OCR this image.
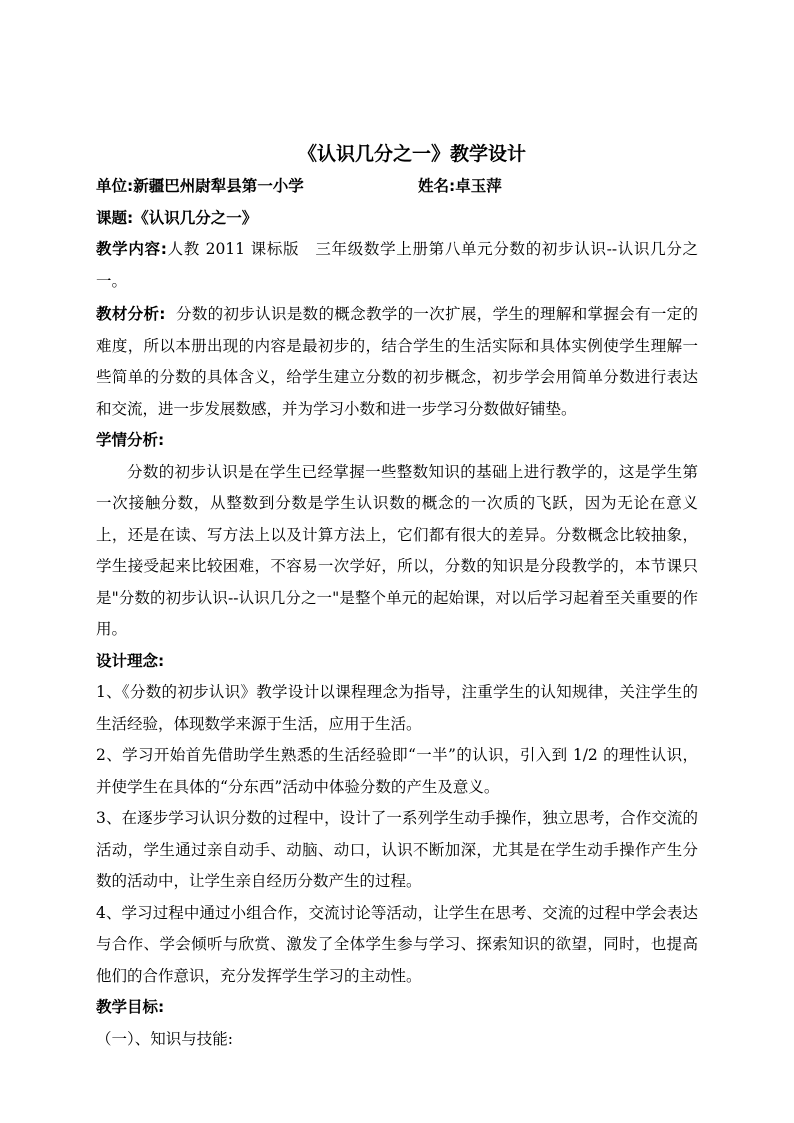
《认识几分之一》教学设计
单位:新疆巴州尉犁县第一小学	姓名:卓玉萍
课题:《认识几分之一》

教学内容:人教 2011 课标版　三年级数学上册第八单元分数的初步认识--认识几分之一。

教材分析: 分数的初步认识是数的概念教学的一次扩展，学生的理解和掌握会有一定的难度，所以本册出现的内容是最初步的，结合学生的生活实际和具体实例使学生理解一些简单的分数的具体含义，给学生建立分数的初步概念，初步学会用简单分数进行表达和交流，进一步发展数感，并为学习小数和进一步学习分数做好铺垫。

学情分析:

分数的初步认识是在学生已经掌握一些整数知识的基础上进行教学的，这是学生第一次接触分数，从整数到分数是学生认识数的概念的一次质的飞跃，因为无论在意义上，还是在读、写方法上以及计算方法上，它们都有很大的差异。分数概念比较抽象，学生接受起来比较困难，不容易一次学好，所以，分数的知识是分段教学的，本节课只是"分数的初步认识--认识几分之一"是整个单元的起始课，对以后学习起着至关重要的作用。

设计理念:

1、《分数的初步认识》教学设计以课程理念为指导，注重学生的认知规律，关注学生的生活经验，体现数学来源于生活，应用于生活。

2、学习开始首先借助学生熟悉的生活经验即“一半”的认识，引入到 1/2 的理性认识，并使学生在具体的“分东西”活动中体验分数的产生及意义。

3、在逐步学习认识分数的过程中，设计了一系列学生动手操作，独立思考，合作交流的活动，学生通过亲自动手、动脑、动口，认识不断加深，尤其是在学生动手操作产生分数的活动中，让学生亲自经历分数产生的过程。

4、学习过程中通过小组合作，交流讨论等活动，让学生在思考、交流的过程中学会表达与合作、学会倾听与欣赏、激发了全体学生参与学习、探索知识的欲望，同时，也提高他们的合作意识，充分发挥学生学习的主动性。

教学目标:
（一）、知识与技能:
